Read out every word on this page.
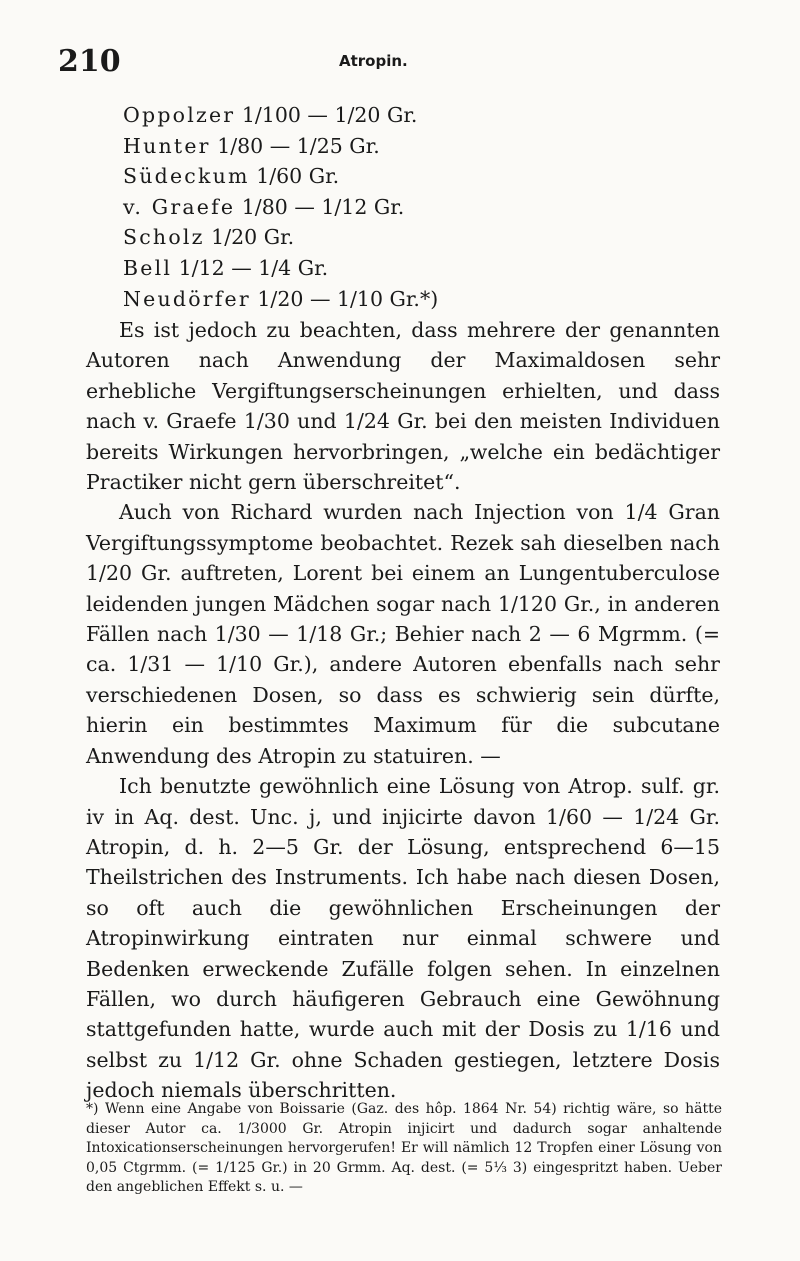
210	Atropin.
Oppolzer 1/100 — 1/20 Gr.
Hunter 1/80 — 1/25 Gr.
Südeckum 1/60 Gr.
v. Graefe 1/80 — 1/12 Gr.
Scholz 1/20 Gr.
Bell 1/12 — 1/4 Gr.
Neudörfer 1/20 — 1/10 Gr.*)

Es ist jedoch zu beachten, dass mehrere der genannten Autoren nach Anwendung der Maximaldosen sehr erhebliche Vergiftungserscheinungen erhielten, und dass nach v. Graefe 1/30 und 1/24 Gr. bei den meisten Individuen bereits Wirkungen hervorbringen, „welche ein bedächtiger Practiker nicht gern überschreitet“.

Auch von Richard wurden nach Injection von 1/4 Gran Vergiftungssymptome beobachtet. Rezek sah dieselben nach 1/20 Gr. auftreten, Lorent bei einem an Lungentuberculose leidenden jungen Mädchen sogar nach 1/120 Gr., in anderen Fällen nach 1/30 — 1/18 Gr.; Behier nach 2 — 6 Mgrmm. (= ca. 1/31 — 1/10 Gr.), andere Autoren ebenfalls nach sehr verschiedenen Dosen, so dass es schwierig sein dürfte, hierin ein bestimmtes Maximum für die subcutane Anwendung des Atropin zu statuiren. —

Ich benutzte gewöhnlich eine Lösung von Atrop. sulf. gr. iv in Aq. dest. Unc. j, und injicirte davon 1/60 — 1/24 Gr. Atropin, d. h. 2—5 Gr. der Lösung, entsprechend 6—15 Theilstrichen des Instruments. Ich habe nach diesen Dosen, so oft auch die gewöhnlichen Erscheinungen der Atropinwirkung eintraten nur einmal schwere und Bedenken erweckende Zufälle folgen sehen. In einzelnen Fällen, wo durch häufigeren Gebrauch eine Gewöhnung stattgefunden hatte, wurde auch mit der Dosis zu 1/16 und selbst zu 1/12 Gr. ohne Schaden gestiegen, letztere Dosis jedoch niemals überschritten.

*) Wenn eine Angabe von Boissarie (Gaz. des hôp. 1864 Nr. 54) richtig wäre, so hätte dieser Autor ca. 1/3000 Gr. Atropin injicirt und dadurch sogar anhaltende Intoxicationserscheinungen hervorgerufen! Er will nämlich 12 Tropfen einer Lösung von 0,05 Ctgrmm. (= 1/125 Gr.) in 20 Grmm. Aq. dest. (= 5⅓ 3) eingespritzt haben. Ueber den angeblichen Effekt s. u. —
